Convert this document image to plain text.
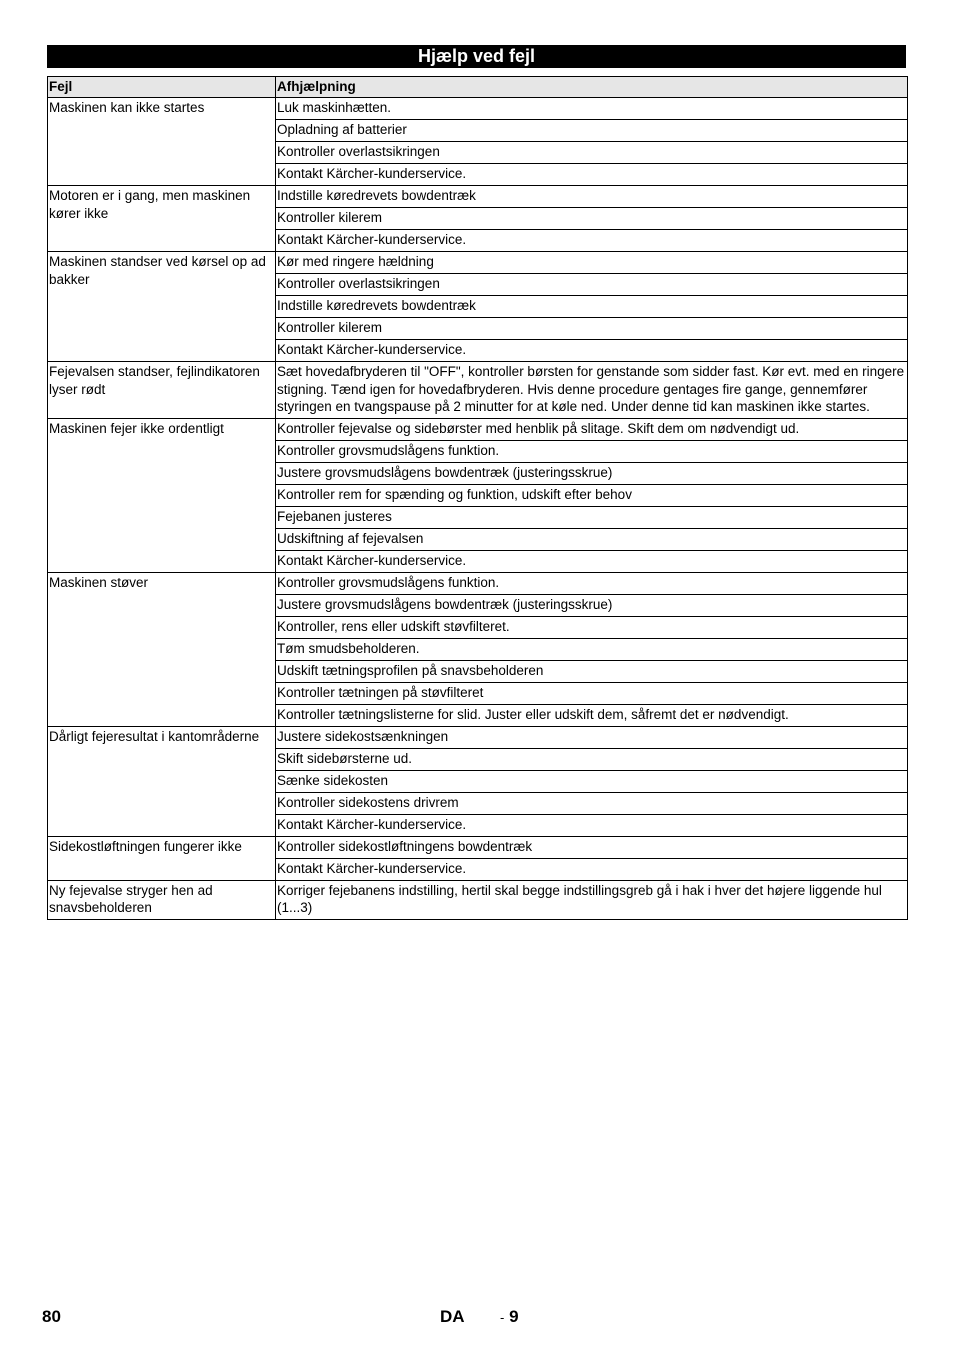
Hjælp ved fejl
Fejl	Afhjælpning
Maskinen kan ikke startes	Luk maskinhætten.
	Opladning af batterier
	Kontroller overlastsikringen
	Kontakt Kärcher-kunderservice.
Motoren er i gang, men maskinen kører ikke	Indstille køredrevets bowdentræk
	Kontroller kilerem
	Kontakt Kärcher-kunderservice.
Maskinen standser ved kørsel op ad bakker	Kør med ringere hældning
	Kontroller overlastsikringen
	Indstille køredrevets bowdentræk
	Kontroller kilerem
	Kontakt Kärcher-kunderservice.
Fejevalsen standser, fejlindikatoren lyser rødt	Sæt hovedafbryderen til "OFF", kontroller børsten for genstande som sidder fast. Kør evt. med en ringere stigning. Tænd igen for hovedafbryderen. Hvis denne procedure gentages fire gange, gennemfører styringen en tvangspause på 2 minutter for at køle ned. Under denne tid kan maskinen ikke startes.
Maskinen fejer ikke ordentligt	Kontroller fejevalse og sidebørster med henblik på slitage. Skift dem om nødvendigt ud.
	Kontroller grovsmudslågens funktion.
	Justere grovsmudslågens bowdentræk (justeringsskrue)
	Kontroller rem for spænding og funktion, udskift efter behov
	Fejebanen justeres
	Udskiftning af fejevalsen
	Kontakt Kärcher-kunderservice.
Maskinen støver	Kontroller grovsmudslågens funktion.
	Justere grovsmudslågens bowdentræk (justeringsskrue)
	Kontroller, rens eller udskift støvfilteret.
	Tøm smudsbeholderen.
	Udskift tætningsprofilen på snavsbeholderen
	Kontroller tætningen på støvfilteret
	Kontroller tætningslisterne for slid. Juster eller udskift dem, såfremt det er nødvendigt.
Dårligt fejeresultat i kantområderne	Justere sidekostsænkningen
	Skift sidebørsterne ud.
	Sænke sidekosten
	Kontroller sidekostens drivrem
	Kontakt Kärcher-kunderservice.
Sidekostløftningen fungerer ikke	Kontroller sidekostløftningens bowdentræk
	Kontakt Kärcher-kunderservice.
Ny fejevalse stryger hen ad snavsbeholderen	Korriger fejebanens indstilling, hertil skal begge indstillingsgreb gå i hak i hver det højere liggende hul (1...3)
80	DA	- 9
